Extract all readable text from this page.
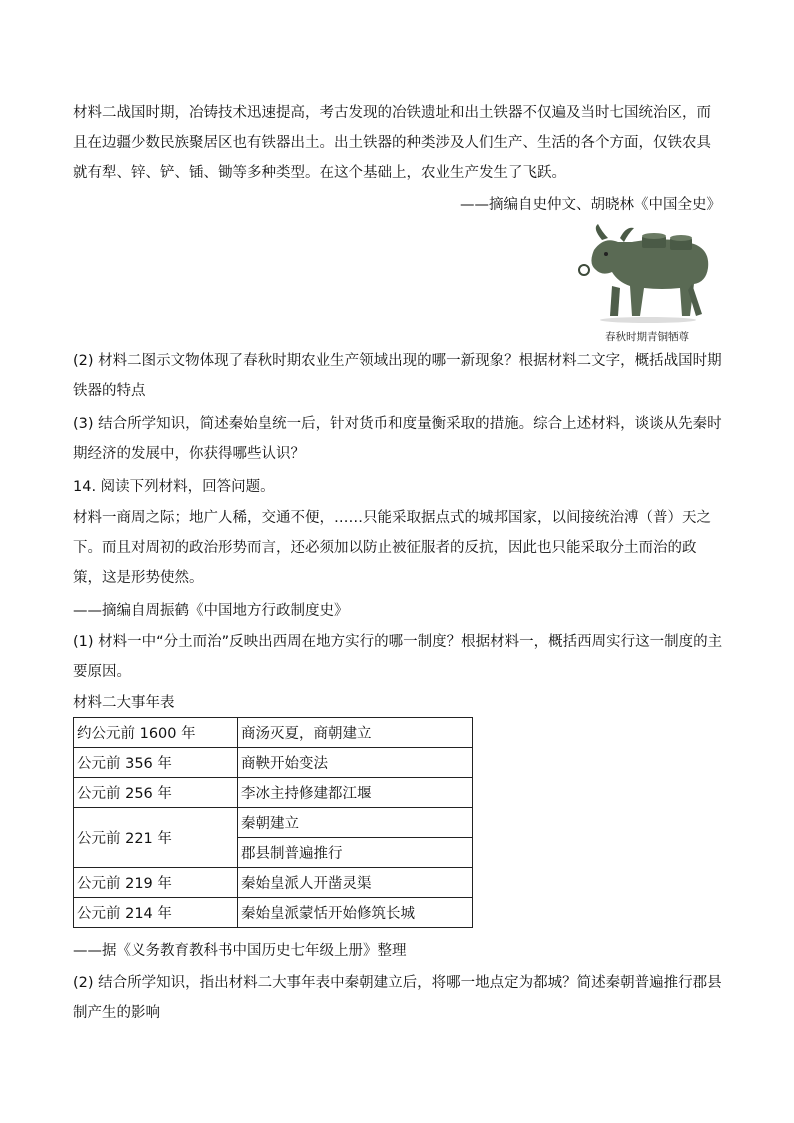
材料二战国时期，冶铸技术迅速提高，考古发现的冶铁遗址和出土铁器不仅遍及当时七国统治区，而且在边疆少数民族聚居区也有铁器出土。出土铁器的种类涉及人们生产、生活的各个方面，仅铁农具就有犁、锌、铲、锸、锄等多种类型。在这个基础上，农业生产发生了飞跃。

——摘编自史仲文、胡晓林《中国全史》
春秋时期青铜牺尊

(2) 材料二图示文物体现了春秋时期农业生产领域出现的哪一新现象？根据材料二文字，概括战国时期铁器的特点

(3) 结合所学知识，简述秦始皇统一后，针对货币和度量衡采取的措施。综合上述材料，谈谈从先秦时期经济的发展中，你获得哪些认识？

14. 阅读下列材料，回答问题。

材料一商周之际；地广人稀，交通不便，……只能采取据点式的城邦国家，以间接统治溥（普）天之下。而且对周初的政治形势而言，还必须加以防止被征服者的反抗，因此也只能采取分土而治的政策，这是形势使然。

——摘编自周振鹤《中国地方行政制度史》

(1) 材料一中“分土而治”反映出西周在地方实行的哪一制度？根据材料一，概括西周实行这一制度的主要原因。

材料二大事年表
约公元前 1600 年	商汤灭夏，商朝建立
公元前 356 年	商鞅开始变法
公元前 256 年	李冰主持修建都江堰
公元前 221 年	秦朝建立
	郡县制普遍推行
公元前 219 年	秦始皇派人开凿灵渠
公元前 214 年	秦始皇派蒙恬开始修筑长城
——据《义务教育教科书中国历史七年级上册》整理

(2) 结合所学知识，指出材料二大事年表中秦朝建立后，将哪一地点定为都城？简述秦朝普遍推行郡县制产生的影响
